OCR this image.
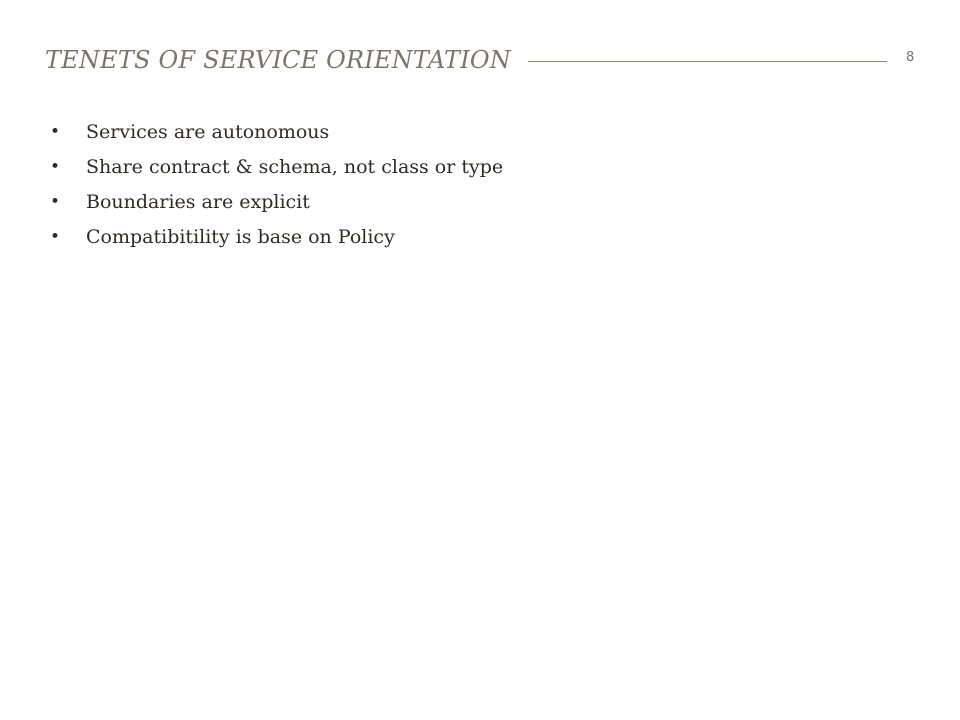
TENETS OF SERVICE ORIENTATION	8
• Services are autonomous
• Share contract & schema, not class or type
• Boundaries are explicit
• Compatibitility is base on Policy
